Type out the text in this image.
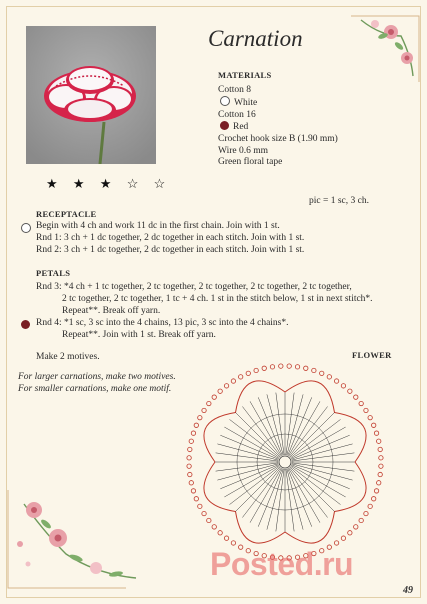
★ ★ ★ ☆ ☆
Carnation
MATERIALS
Cotton 8
White
Cotton 16
Red
Crochet hook size B (1.90 mm)
Wire 0.6 mm
Green floral tape
pic = 1 sc, 3 ch.
RECEPTACLE
Begin with 4 ch and work 11 dc in the first chain. Join with 1 st.
Rnd 1: 3 ch + 1 dc together, 2 dc together in each stitch. Join with 1 st.
Rnd 2: 3 ch + 1 dc together, 2 dc together in each stitch. Join with 1 st.
PETALS
Rnd 3: *4 ch + 1 tc together, 2 tc together, 2 tc together, 2 tc together, 2 tc together,
2 tc together, 2 tc together, 1 tc + 4 ch. 1 st in the stitch below, 1 st in next stitch*.
Repeat**. Break off yarn.
Rnd 4: *1 sc, 3 sc into the 4 chains, 13 pic, 3 sc into the 4 chains*.
Repeat**. Join with 1 st. Break off yarn.
Make 2 motives.
For larger carnations, make two motives.
For smaller carnations, make one motif.
FLOWER
Posted.ru
49
